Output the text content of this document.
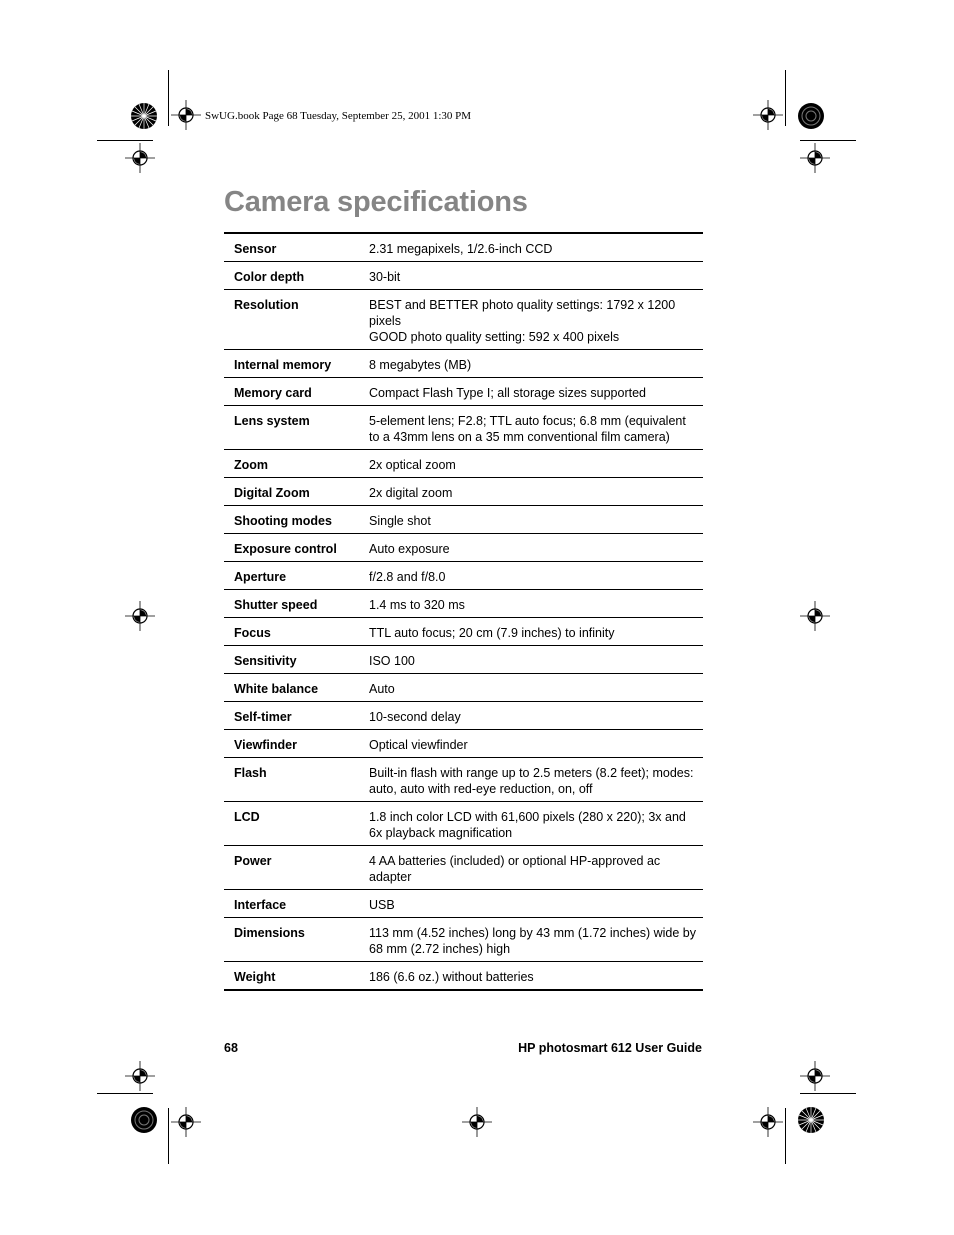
SwUG.book Page 68 Tuesday, September 25, 2001 1:30 PM
Camera specifications
Sensor	2.31 megapixels, 1/2.6-inch CCD
Color depth	30-bit
Resolution	BEST and BETTER photo quality settings: 1792 x 1200
pixels
GOOD photo quality setting: 592 x 400 pixels
Internal memory	8 megabytes (MB)
Memory card	Compact Flash Type I; all storage sizes supported
Lens system	5-element lens; F2.8; TTL auto focus; 6.8 mm (equivalent
to a 43mm lens on a 35 mm conventional film camera)
Zoom	2x optical zoom
Digital Zoom	2x digital zoom
Shooting modes	Single shot
Exposure control	Auto exposure
Aperture	f/2.8 and f/8.0
Shutter speed	1.4 ms to 320 ms
Focus	TTL auto focus; 20 cm (7.9 inches) to infinity
Sensitivity	ISO 100
White balance	Auto
Self-timer	10-second delay
Viewfinder	Optical viewfinder
Flash	Built-in flash with range up to 2.5 meters (8.2 feet); modes:
auto, auto with red-eye reduction, on, off
LCD	1.8 inch color LCD with 61,600 pixels (280 x 220); 3x and
6x playback magnification
Power	4 AA batteries (included) or optional HP-approved ac
adapter
Interface	USB
Dimensions	113 mm (4.52 inches) long by 43 mm (1.72 inches) wide by
68 mm (2.72 inches) high
Weight	186 (6.6 oz.) without batteries
68	HP photosmart 612 User Guide
